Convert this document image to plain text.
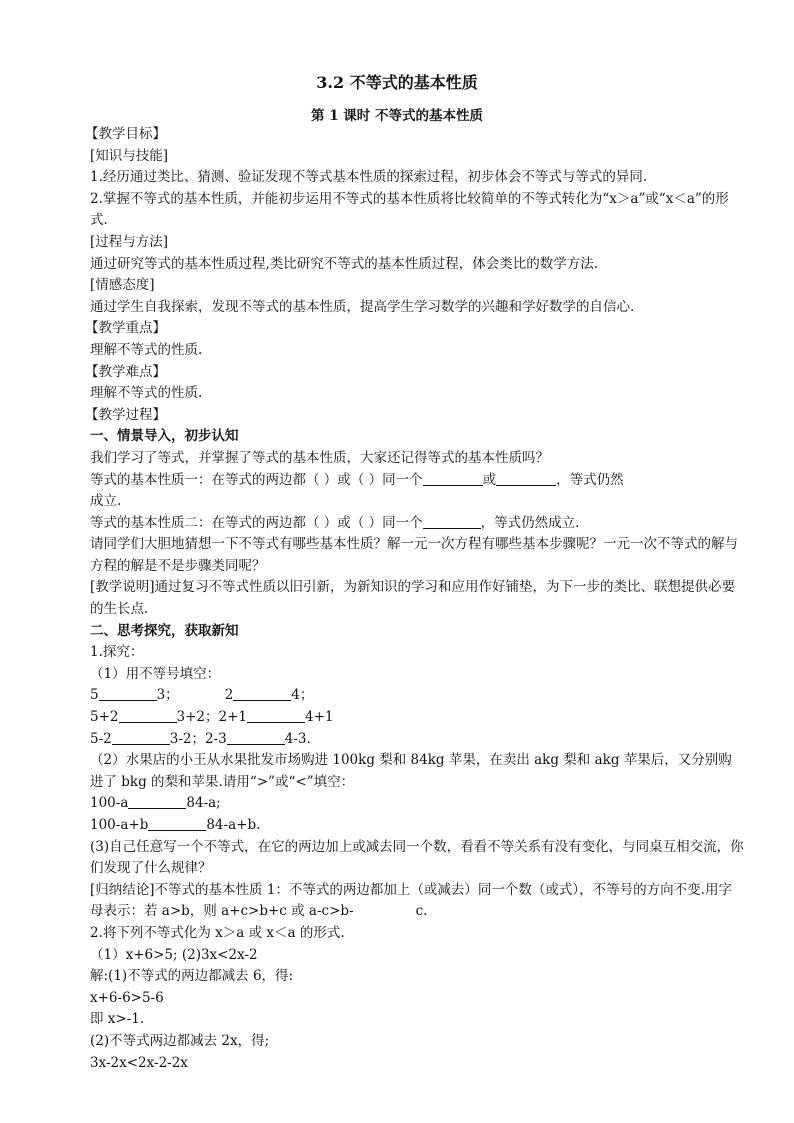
3.2 不等式的基本性质
第 1 课时 不等式的基本性质
【教学目标】
[知识与技能]
1.经历通过类比、猜测、验证发现不等式基本性质的探索过程，初步体会不等式与等式的异同.
2.掌握不等式的基本性质，并能初步运用不等式的基本性质将比较简单的不等式转化为“x＞a”或“x＜a”的形式.
[过程与方法]
通过研究等式的基本性质过程,类比研究不等式的基本性质过程，体会类比的数学方法.
[情感态度]
通过学生自我探索，发现不等式的基本性质，提高学生学习数学的兴趣和学好数学的自信心.
【教学重点】
理解不等式的性质.
【教学难点】
理解不等式的性质.
【教学过程】
一、情景导入，初步认知
我们学习了等式，并掌握了等式的基本性质，大家还记得等式的基本性质吗？
等式的基本性质一：在等式的两边都（ ）或（ ）同一个	或	，等式仍然
成立.
等式的基本性质二：在等式的两边都（ ）或（ ）同一个	，等式仍然成立.
请同学们大胆地猜想一下不等式有哪些基本性质？解一元一次方程有哪些基本步骤呢？一元一次不等式的解与方程的解是不是步骤类同呢？
[教学说明]通过复习不等式性质以旧引新，为新知识的学习和应用作好铺垫，为下一步的类比、联想提供必要的生长点.
二、思考探究，获取新知
1.探究：
（1）用不等号填空：
5	3；	2	4；
5+2	3+2；2+1	4+1
5-2	3-2；2-3	4-3.
（2）水果店的小王从水果批发市场购进 100kg 梨和 84kg 苹果，在卖出 akg 梨和 akg 苹果后，又分别购进了 bkg 的梨和苹果.请用“>”或“<”填空：
100-a	84-a;
100-a+b	84-a+b.
(3)自己任意写一个不等式，在它的两边加上或减去同一个数，看看不等关系有没有变化，与同桌互相交流，你们发现了什么规律？
[归纳结论]不等式的基本性质 1：不等式的两边都加上（或减去）同一个数（或式），不等号的方向不变.用字母表示：若 a>b，则 a+c>b+c 或 a-c>b-	c.
2.将下列不等式化为 x＞a 或 x＜a 的形式.
（1）x+6>5; (2)3x<2x-2
解:(1)不等式的两边都减去 6，得:
x+6-6>5-6
即 x>-1.
(2)不等式两边都减去 2x，得;
3x-2x<2x-2-2x
